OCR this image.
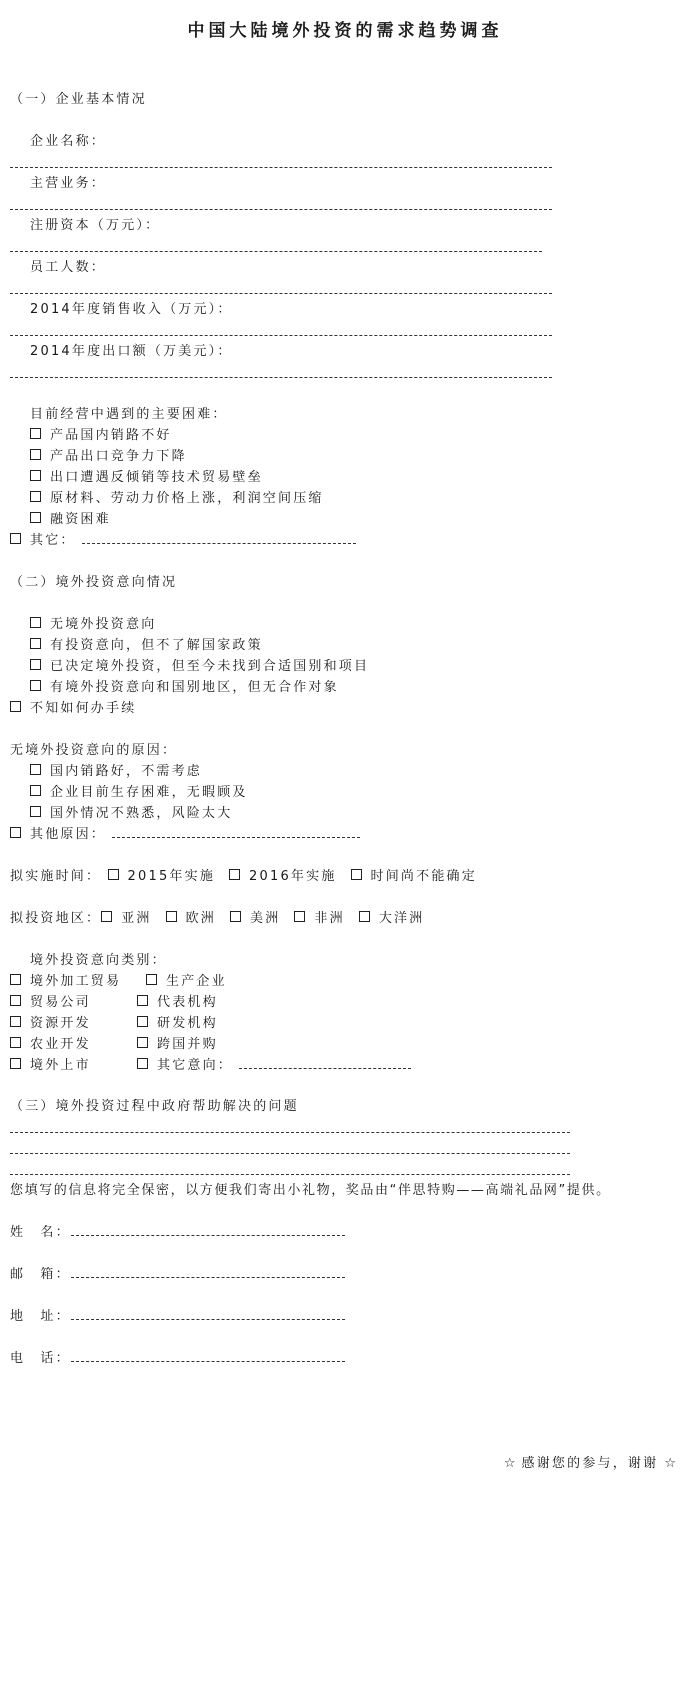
中国大陆境外投资的需求趋势调查
（一）企业基本情况
企业名称：
主营业务：
注册资本（万元）：
员工人数：
2014年度销售收入（万元）：
2014年度出口额（万美元）：
目前经营中遇到的主要困难：
产品国内销路不好
产品出口竞争力下降
出口遭遇反倾销等技术贸易壁垒
原材料、劳动力价格上涨，利润空间压缩
融资困难
其它：
（二）境外投资意向情况
无境外投资意向
有投资意向，但不了解国家政策
已决定境外投资，但至今未找到合适国别和项目
有境外投资意向和国别地区，但无合作对象
不知如何办手续
无境外投资意向的原因：
国内销路好，不需考虑
企业目前生存困难，无暇顾及
国外情况不熟悉，风险太大
其他原因：
拟实施时间： 2015年实施	2016年实施	时间尚不能确定
拟投资地区： 亚洲	欧洲	美洲	非洲	大洋洲
境外投资意向类别：
境外加工贸易	生产企业
贸易公司	代表机构
资源开发	研发机构
农业开发	跨国并购
境外上市	其它意向：
（三）境外投资过程中政府帮助解决的问题
您填写的信息将完全保密，以方便我们寄出小礼物，奖品由“伴思特购——高端礼品网”提供。
姓　名：
邮　箱：
地　址：
电　话：
☆ 感谢您的参与，谢谢 ☆
